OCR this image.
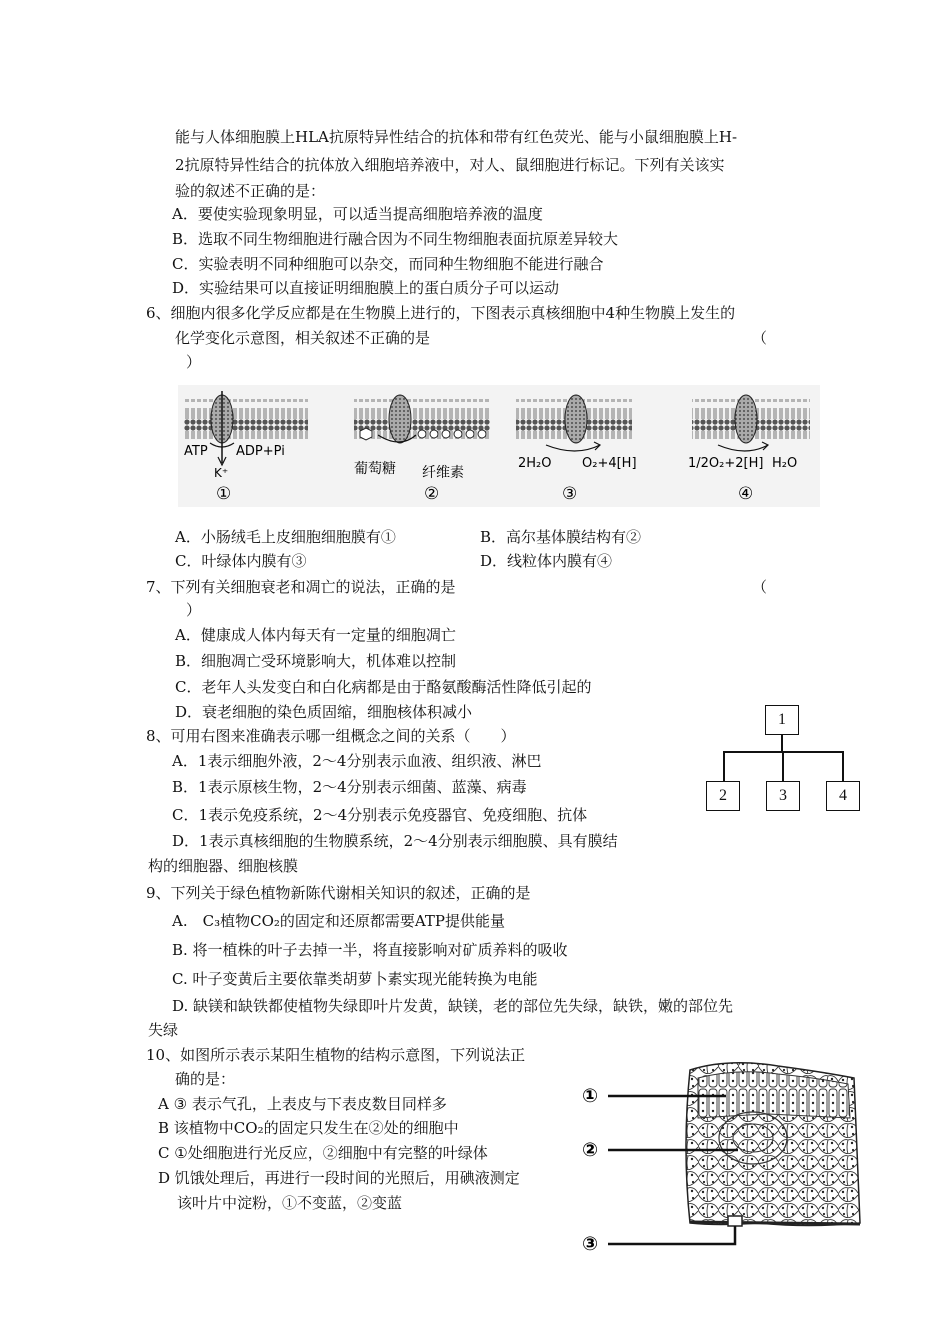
能与人体细胞膜上HLA抗原特异性结合的抗体和带有红色荧光、能与小鼠细胞膜上H-
2抗原特异性结合的抗体放入细胞培养液中，对人、鼠细胞进行标记。下列有关该实
验的叙述不正确的是：
A．要使实验现象明显，可以适当提高细胞培养液的温度
B．选取不同生物细胞进行融合因为不同生物细胞表面抗原差异较大
C．实验表明不同种细胞可以杂交，而同种生物细胞不能进行融合
D．实验结果可以直接证明细胞膜上的蛋白质分子可以运动
6、细胞内很多化学反应都是在生物膜上进行的，下图表示真核细胞中4种生物膜上发生的
化学变化示意图，相关叙述不正确的是	（
）
ATP ADP+Pi
K⁺
①
葡萄糖 纤维素
②
2H₂O O₂+4[H]
③
1/2O₂+2[H] H₂O
④
A．小肠绒毛上皮细胞细胞膜有①	B．高尔基体膜结构有②
C．叶绿体内膜有③	D．线粒体内膜有④
7、下列有关细胞衰老和凋亡的说法，正确的是	（
）
A．健康成人体内每天有一定量的细胞凋亡
B．细胞凋亡受环境影响大，机体难以控制
C．老年人头发变白和白化病都是由于酪氨酸酶活性降低引起的
D．衰老细胞的染色质固缩，细胞核体积减小
8、可用右图来准确表示哪一组概念之间的关系（　　）
A．1表示细胞外液，2～4分别表示血液、组织液、淋巴
B．1表示原核生物，2～4分别表示细菌、蓝藻、病毒
C．1表示免疫系统，2～4分别表示免疫器官、免疫细胞、抗体
D．1表示真核细胞的生物膜系统，2～4分别表示细胞膜、具有膜结
构的细胞器、细胞核膜
1
2	3	4
9、下列关于绿色植物新陈代谢相关知识的叙述，正确的是
A.　C₃植物CO₂的固定和还原都需要ATP提供能量
B. 将一植株的叶子去掉一半，将直接影响对矿质养料的吸收
C. 叶子变黄后主要依靠类胡萝卜素实现光能转换为电能
D. 缺镁和缺铁都使植物失绿即叶片发黄，缺镁，老的部位先失绿，缺铁，嫩的部位先
失绿
10、如图所示表示某阳生植物的结构示意图，下列说法正
确的是：
A ③ 表示气孔，上表皮与下表皮数目同样多
B 该植物中CO₂的固定只发生在②处的细胞中
C ①处细胞进行光反应，②细胞中有完整的叶绿体
D 饥饿处理后，再进行一段时间的光照后，用碘液测定
该叶片中淀粉，①不变蓝，②变蓝
①
②
③
